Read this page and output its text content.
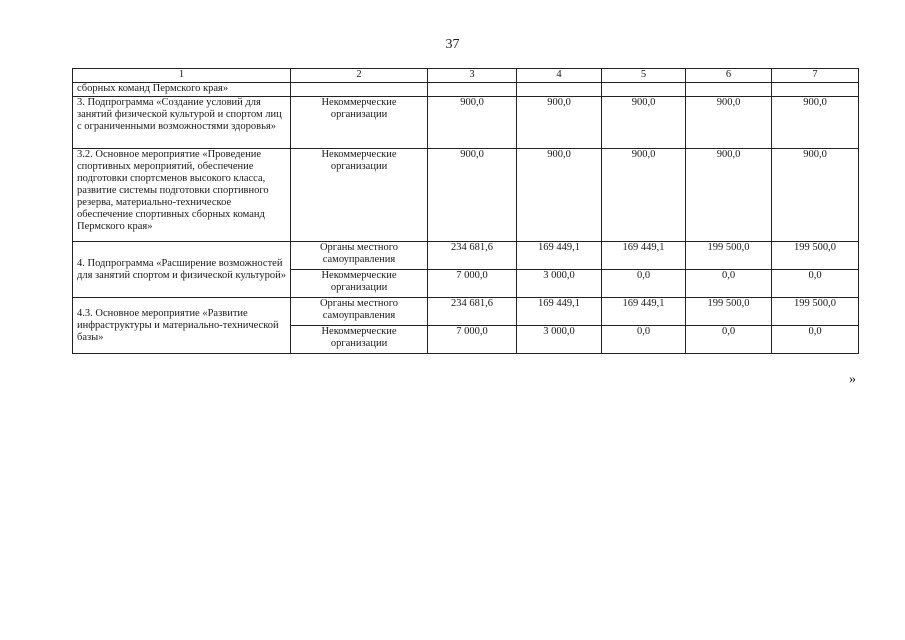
37
1	2	3	4	5	6	7
сборных команд Пермского края»						
3. Подпрограмма «Создание условий для занятий физической культурой и спортом лиц с ограниченными возможностями здоровья»	Некоммерческие организации	900,0	900,0	900,0	900,0	900,0
3.2. Основное мероприятие «Проведение спортивных мероприятий, обеспечение подготовки спортсменов высокого класса, развитие системы подготовки спортивного резерва, материально-техническое обеспечение спортивных сборных команд Пермского края»	Некоммерческие организации	900,0	900,0	900,0	900,0	900,0
4. Подпрограмма «Расширение возможностей для занятий спортом и физической культурой»	Органы местного самоуправления	234 681,6	169 449,1	169 449,1	199 500,0	199 500,0
	Некоммерческие организации	7 000,0	3 000,0	0,0	0,0	0,0
4.3. Основное мероприятие «Развитие инфраструктуры и материально-технической базы»	Органы местного самоуправления	234 681,6	169 449,1	169 449,1	199 500,0	199 500,0
	Некоммерческие организации	7 000,0	3 000,0	0,0	0,0	0,0
»
